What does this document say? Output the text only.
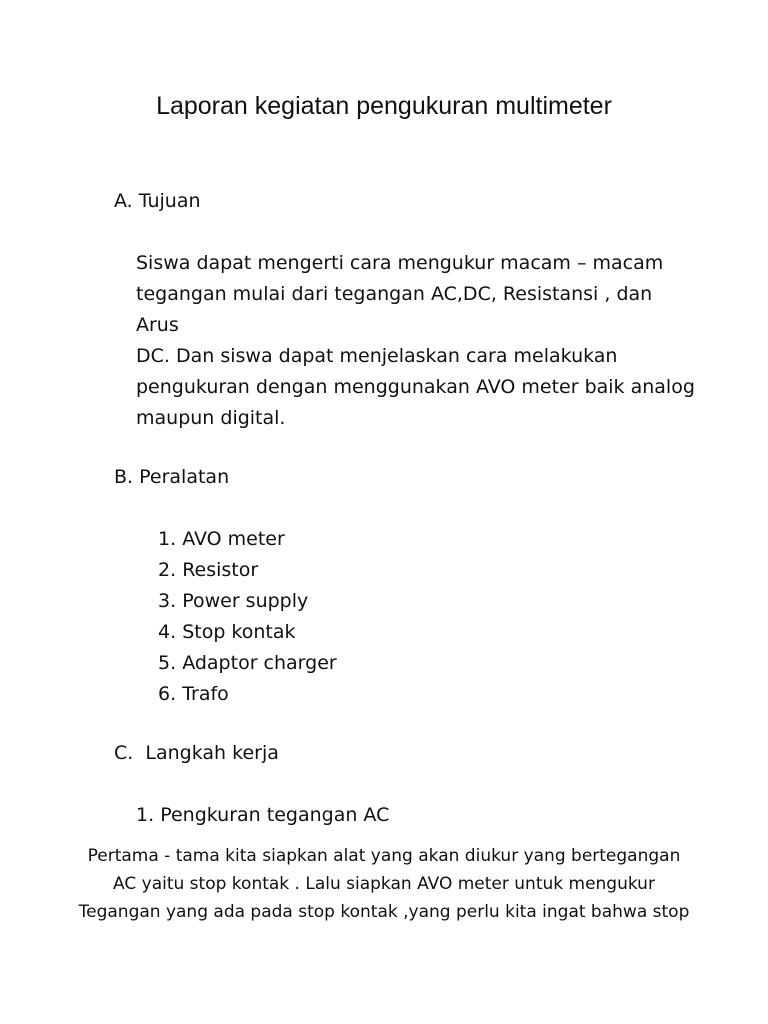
Laporan kegiatan pengukuran multimeter
A. Tujuan
Siswa dapat mengerti cara mengukur macam – macam
tegangan mulai dari tegangan AC,DC, Resistansi , dan Arus
DC. Dan siswa dapat menjelaskan cara melakukan
pengukuran dengan menggunakan AVO meter baik analog
maupun digital.
B. Peralatan
1. AVO meter
2. Resistor
3. Power supply
4. Stop kontak
5. Adaptor charger
6. Trafo
C. Langkah kerja
1. Pengkuran tegangan AC

Pertama - tama kita siapkan alat yang akan diukur yang bertegangan
AC yaitu stop kontak . Lalu siapkan AVO meter untuk mengukur
Tegangan yang ada pada stop kontak ,yang perlu kita ingat bahwa stop
